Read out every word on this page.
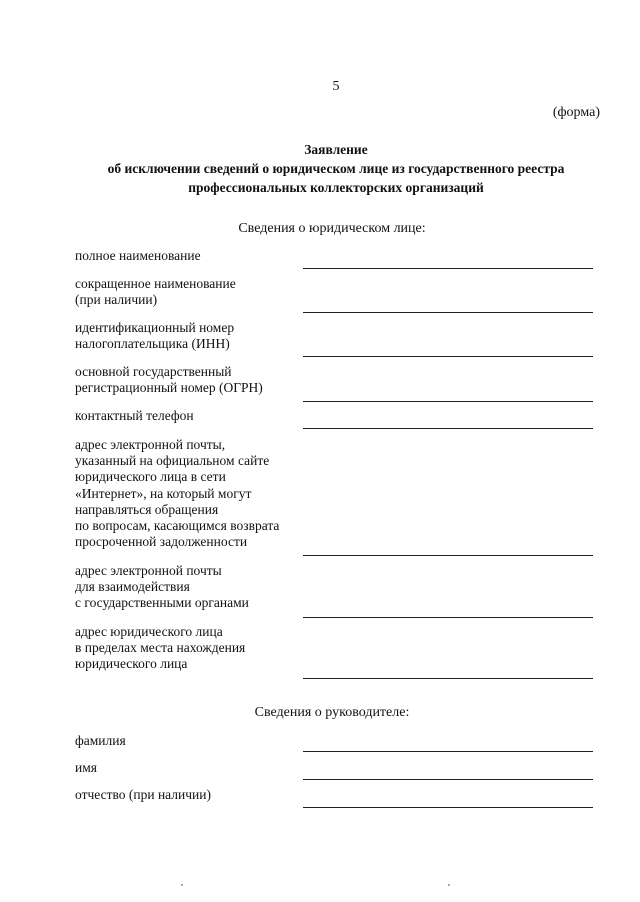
5
(форма)
Заявление
об исключении сведений о юридическом лице из государственного реестра
профессиональных коллекторских организаций
Сведения о юридическом лице:
полное наименование
сокращенное наименование
(при наличии)
идентификационный номер
налогоплательщика (ИНН)
основной государственный
регистрационный номер (ОГРН)
контактный телефон
адрес электронной почты,
указанный на официальном сайте
юридического лица в сети
«Интернет», на который могут
направляться обращения
по вопросам, касающимся возврата
просроченной задолженности
адрес электронной почты
для взаимодействия
с государственными органами
адрес юридического лица
в пределах места нахождения
юридического лица
Сведения о руководителе:
фамилия
имя
отчество (при наличии)
